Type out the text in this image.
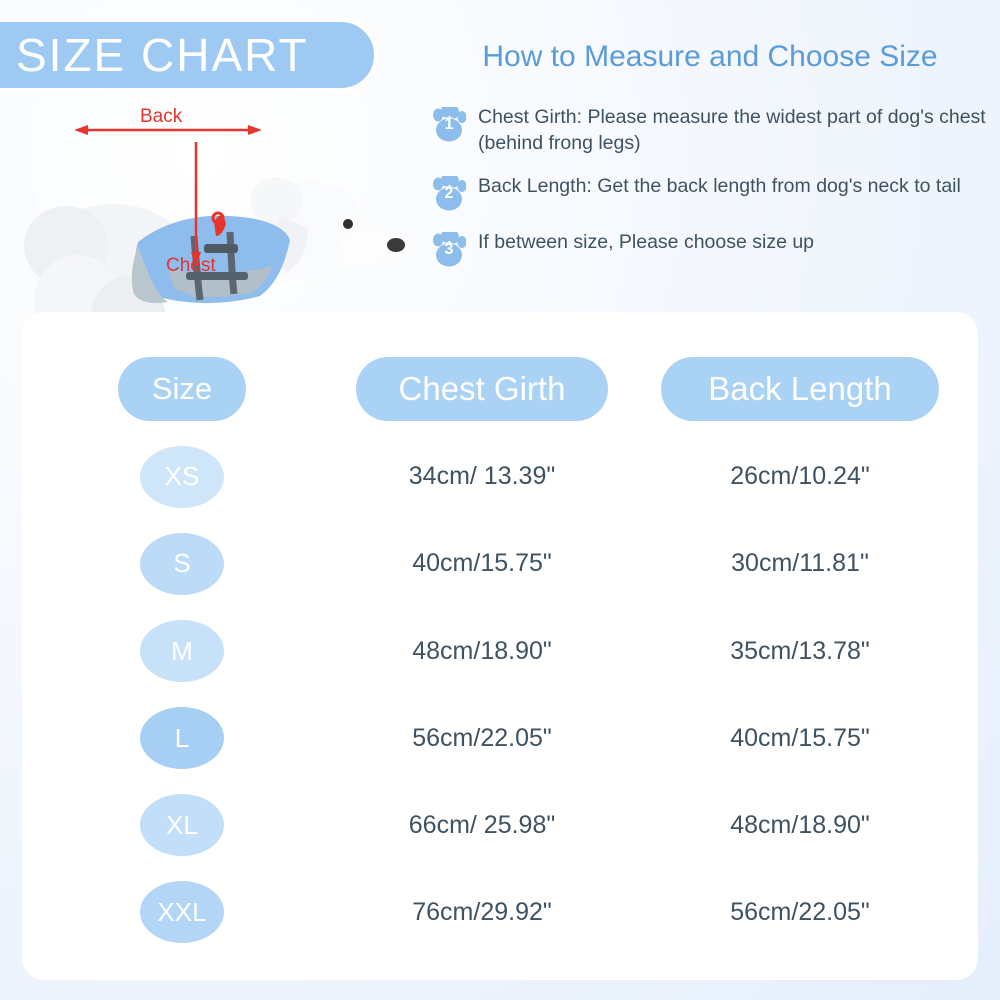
SIZE CHART	How to Measure and Choose Size
Back
Chest
1	Chest Girth: Please measure the widest part of dog's chest (behind frong legs)
2	Back Length: Get the back length from dog's neck to tail
3	If between size, Please choose size up
Size	Chest Girth	Back Length
XS	34cm/ 13.39"	26cm/10.24"
S	40cm/15.75"	30cm/11.81"
M	48cm/18.90"	35cm/13.78"
L	56cm/22.05"	40cm/15.75"
XL	66cm/ 25.98"	48cm/18.90"
XXL	76cm/29.92"	56cm/22.05"
